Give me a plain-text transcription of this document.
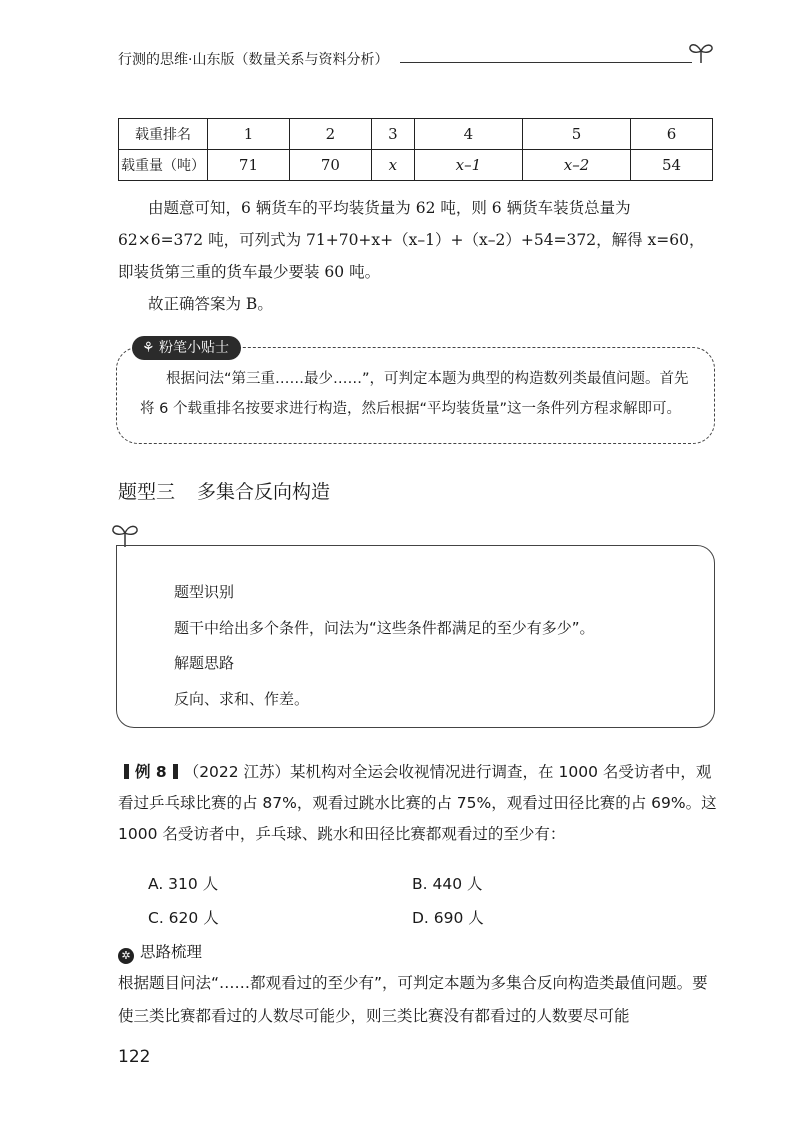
行测的思维·山东版（数量关系与资料分析）
载重排名	1	2	3	4	5	6
载重量（吨）	71	70	x	x–1	x–2	54
由题意可知，6 辆货车的平均装货量为 62 吨，则 6 辆货车装货总量为 62×6=372 吨，可列式为 71+70+x+（x–1）+（x–2）+54=372，解得 x=60，即装货第三重的货车最少要装 60 吨。
故正确答案为 B。
⚘ 粉笔小贴士
根据问法“第三重……最少……”，可判定本题为典型的构造数列类最值问题。首先将 6 个载重排名按要求进行构造，然后根据“平均装货量”这一条件列方程求解即可。
题型三 多集合反向构造
题型识别
题干中给出多个条件，问法为“这些条件都满足的至少有多少”。
解题思路
反向、求和、作差。
例 8 （2022 江苏）某机构对全运会收视情况进行调查，在 1000 名受访者中，观看过乒乓球比赛的占 87%，观看过跳水比赛的占 75%，观看过田径比赛的占 69%。这 1000 名受访者中，乒乓球、跳水和田径比赛都观看过的至少有：
A. 310 人	B. 440 人
C. 620 人	D. 690 人
✲ 思路梳理
根据题目问法“……都观看过的至少有”，可判定本题为多集合反向构造类最值问题。要使三类比赛都看过的人数尽可能少，则三类比赛没有都看过的人数要尽可能
122
